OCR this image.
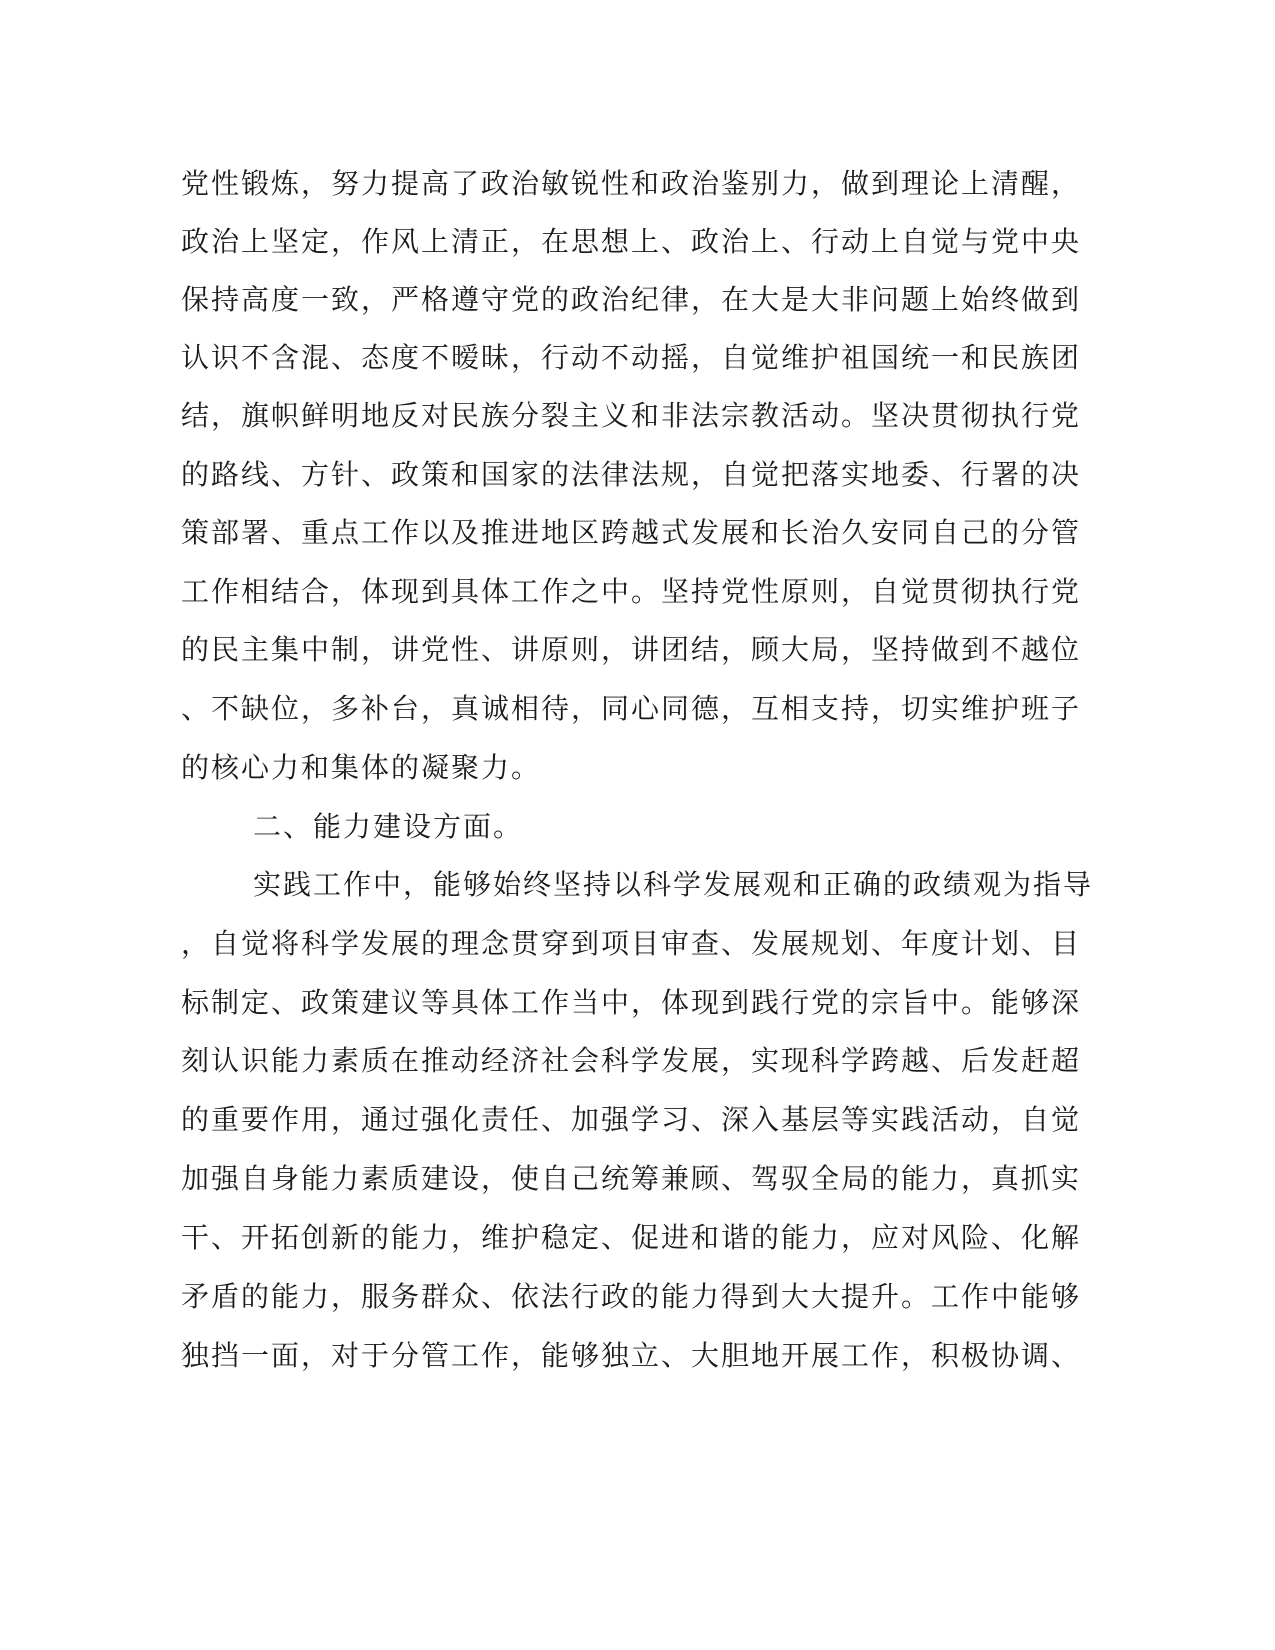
党性锻炼，努力提高了政治敏锐性和政治鉴别力，做到理论上清醒，
政治上坚定，作风上清正，在思想上、政治上、行动上自觉与党中央
保持高度一致，严格遵守党的政治纪律，在大是大非问题上始终做到
认识不含混、态度不暧昧，行动不动摇，自觉维护祖国统一和民族团
结，旗帜鲜明地反对民族分裂主义和非法宗教活动。坚决贯彻执行党
的路线、方针、政策和国家的法律法规，自觉把落实地委、行署的决
策部署、重点工作以及推进地区跨越式发展和长治久安同自己的分管
工作相结合，体现到具体工作之中。坚持党性原则，自觉贯彻执行党
的民主集中制，讲党性、讲原则，讲团结，顾大局，坚持做到不越位
、不缺位，多补台，真诚相待，同心同德，互相支持，切实维护班子
的核心力和集体的凝聚力。
二、能力建设方面。
实践工作中，能够始终坚持以科学发展观和正确的政绩观为指导
，自觉将科学发展的理念贯穿到项目审查、发展规划、年度计划、目
标制定、政策建议等具体工作当中，体现到践行党的宗旨中。能够深
刻认识能力素质在推动经济社会科学发展，实现科学跨越、后发赶超
的重要作用，通过强化责任、加强学习、深入基层等实践活动，自觉
加强自身能力素质建设，使自己统筹兼顾、驾驭全局的能力，真抓实
干、开拓创新的能力，维护稳定、促进和谐的能力，应对风险、化解
矛盾的能力，服务群众、依法行政的能力得到大大提升。工作中能够
独挡一面，对于分管工作，能够独立、大胆地开展工作，积极协调、
